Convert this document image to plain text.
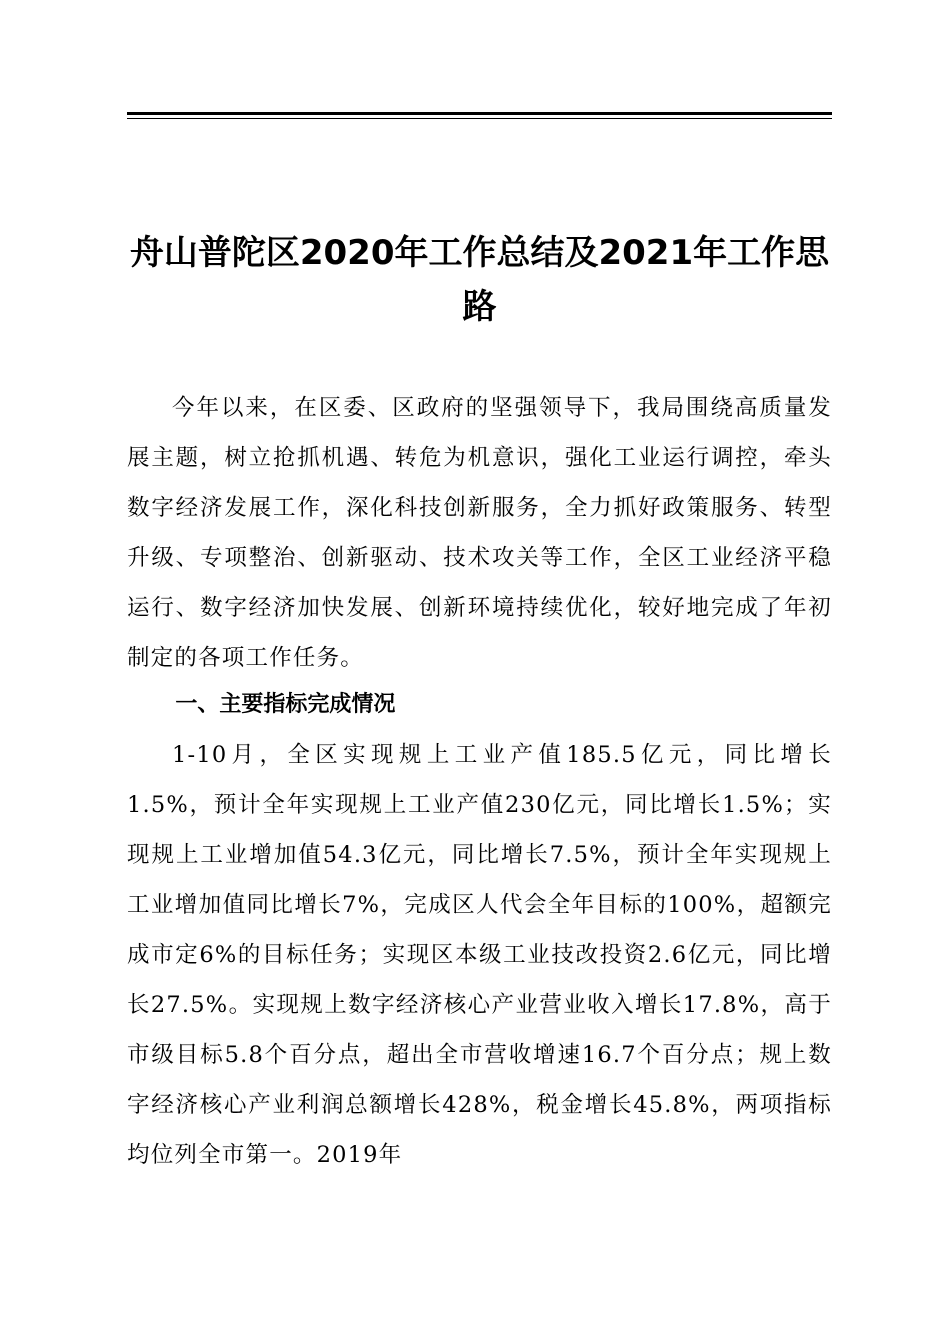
舟山普陀区2020年工作总结及2021年工作思路

今年以来，在区委、区政府的坚强领导下，我局围绕高质量发展主题，树立抢抓机遇、转危为机意识，强化工业运行调控，牵头数字经济发展工作，深化科技创新服务，全力抓好政策服务、转型升级、专项整治、创新驱动、技术攻关等工作，全区工业经济平稳运行、数字经济加快发展、创新环境持续优化，较好地完成了年初制定的各项工作任务。

一、主要指标完成情况

1-10月，全区实现规上工业产值185.5亿元，同比增长1.5%，预计全年实现规上工业产值230亿元，同比增长1.5%；实现规上工业增加值54.3亿元，同比增长7.5%，预计全年实现规上工业增加值同比增长7%，完成区人代会全年目标的100%，超额完成市定6%的目标任务；实现区本级工业技改投资2.6亿元，同比增长27.5%。实现规上数字经济核心产业营业收入增长17.8%，高于市级目标5.8个百分点，超出全市营收增速16.7个百分点；规上数字经济核心产业利润总额增长428%，税金增长45.8%，两项指标均位列全市第一。2019年
